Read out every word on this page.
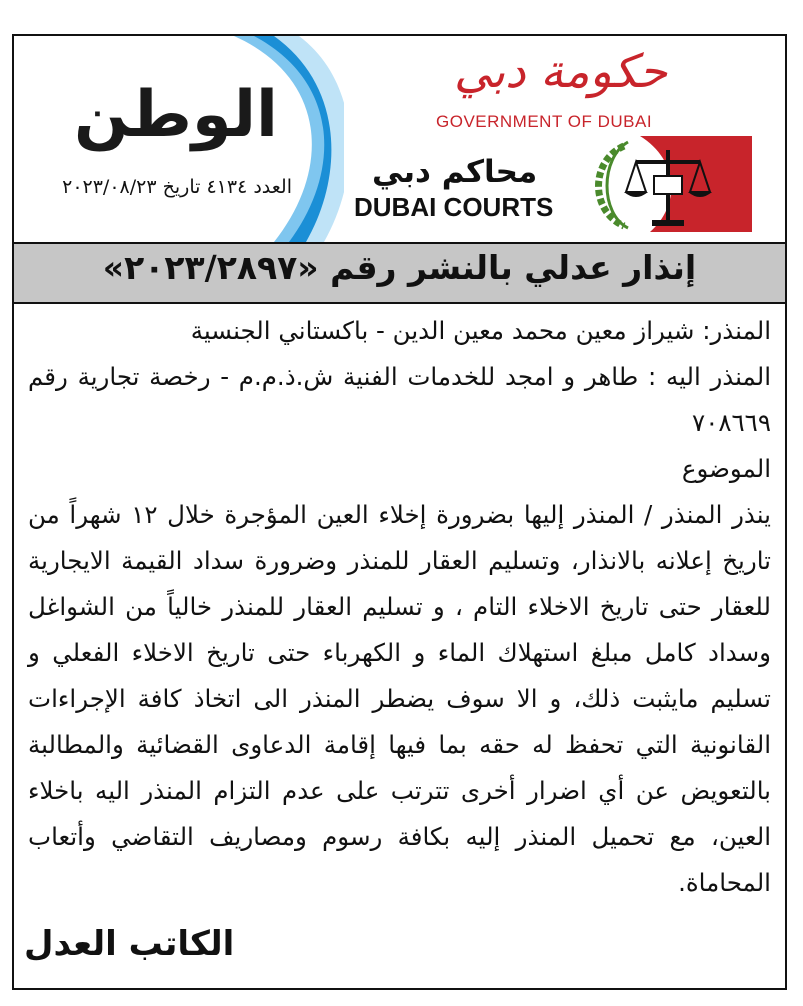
الوطن
العدد ٤١٣٤ تاريخ ٢٠٢٣/٠٨/٢٣
حكومة دبي
GOVERNMENT OF DUBAI
محاكم دبي
DUBAI COURTS
إنذار عدلي بالنشر رقم «٢٠٢٣/٢٨٩٧»

المنذر: شيراز معين محمد معين الدين - باكستاني الجنسية

المنذر اليه : طاهر و امجد للخدمات الفنية ش.ذ.م.م - رخصة تجارية رقم ٧٠٨٦٦٩

الموضوع

ينذر المنذر / المنذر إليها بضرورة إخلاء العين المؤجرة خلال ١٢ شهراً من تاريخ إعلانه بالانذار، وتسليم العقار للمنذر وضرورة سداد القيمة الايجارية للعقار حتى تاريخ الاخلاء التام ، و تسليم العقار للمنذر خالياً من الشواغل وسداد كامل مبلغ استهلاك الماء و الكهرباء حتى تاريخ الاخلاء الفعلي و تسليم مايثبت ذلك، و الا سوف يضطر المنذر الى اتخاذ كافة الإجراءات القانونية التي تحفظ له حقه بما فيها إقامة الدعاوى القضائية والمطالبة بالتعويض عن أي اضرار أخرى تترتب على عدم التزام المنذر اليه باخلاء العين، مع تحميل المنذر إليه بكافة رسوم ومصاريف التقاضي وأتعاب المحاماة.

الكاتب العدل
